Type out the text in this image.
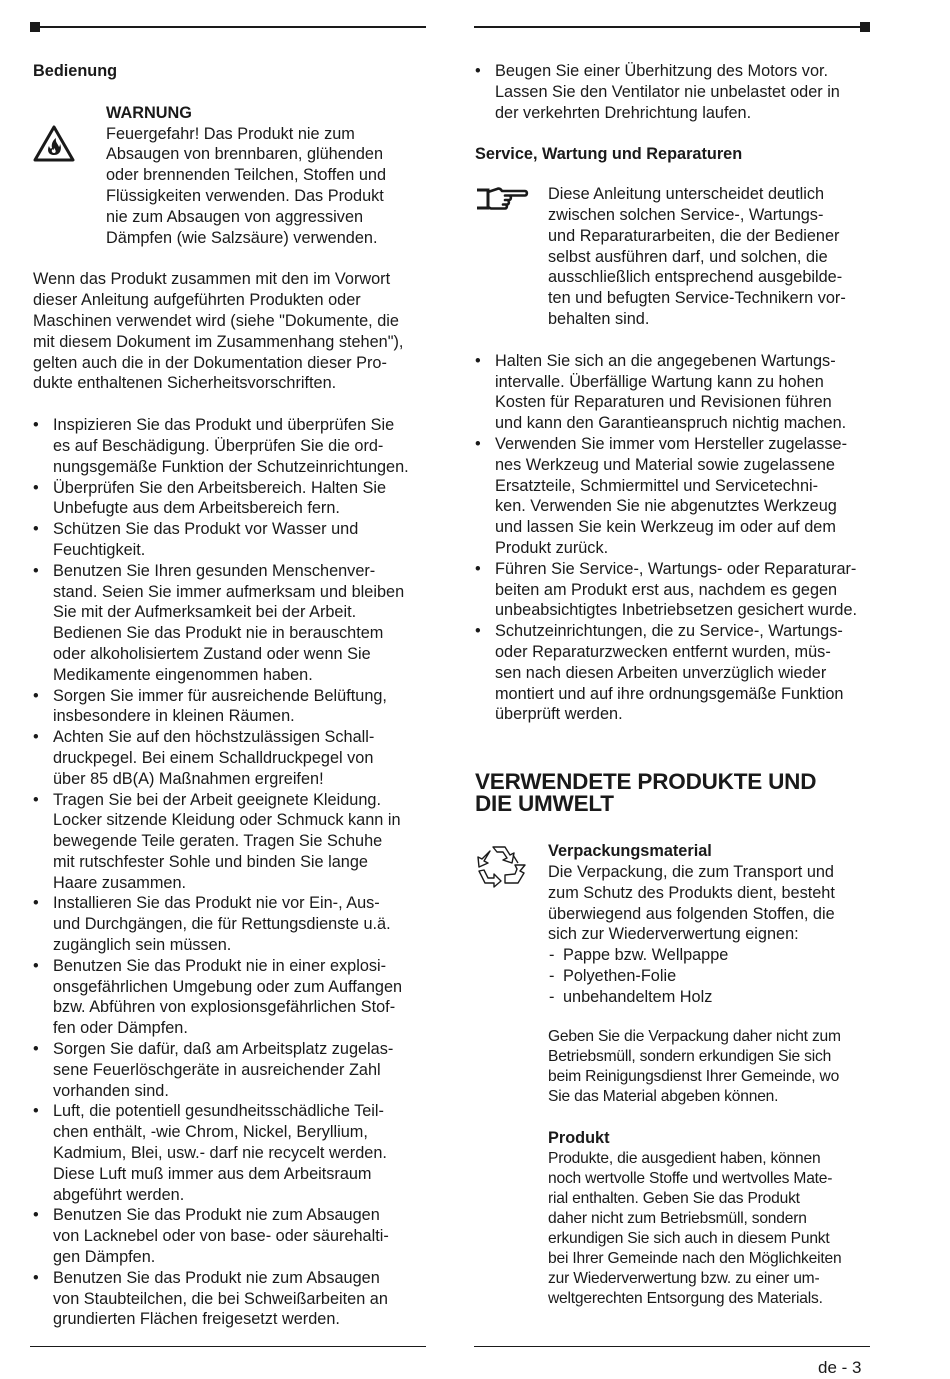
Bedienung
WARNUNG

Feuergefahr! Das Produkt nie zum
Absaugen von brennbaren, glühenden
oder brennenden Teilchen, Stoffen und
Flüssigkeiten verwenden. Das Produkt
nie zum Absaugen von aggressiven
Dämpfen (wie Salzsäure) verwenden.

Wenn das Produkt zusammen mit den im Vorwort
dieser Anleitung aufgeführten Produkten oder
Maschinen verwendet wird (siehe "Dokumente, die
mit diesem Dokument im Zusammenhang stehen"),
gelten auch die in der Dokumentation dieser Pro-
dukte enthaltenen Sicherheitsvorschriften.

• Inspizieren Sie das Produkt und überprüfen Sie
es auf Beschädigung. Überprüfen Sie die ord-
nungsgemäße Funktion der Schutzeinrichtungen.
• Überprüfen Sie den Arbeitsbereich. Halten Sie
Unbefugte aus dem Arbeitsbereich fern.
• Schützen Sie das Produkt vor Wasser und
Feuchtigkeit.
• Benutzen Sie Ihren gesunden Menschenver-
stand. Seien Sie immer aufmerksam und bleiben
Sie mit der Aufmerksamkeit bei der Arbeit.
Bedienen Sie das Produkt nie in berauschtem
oder alkoholisiertem Zustand oder wenn Sie
Medikamente eingenommen haben.
• Sorgen Sie immer für ausreichende Belüftung,
insbesondere in kleinen Räumen.
• Achten Sie auf den höchstzulässigen Schall-
druckpegel. Bei einem Schalldruckpegel von
über 85 dB(A) Maßnahmen ergreifen!
• Tragen Sie bei der Arbeit geeignete Kleidung.
Locker sitzende Kleidung oder Schmuck kann in
bewegende Teile geraten. Tragen Sie Schuhe
mit rutschfester Sohle und binden Sie lange
Haare zusammen.
• Installieren Sie das Produkt nie vor Ein-, Aus-
und Durchgängen, die für Rettungsdienste u.ä.
zugänglich sein müssen.
• Benutzen Sie das Produkt nie in einer explosi-
onsgefährlichen Umgebung oder zum Auffangen
bzw. Abführen von explosionsgefährlichen Stof-
fen oder Dämpfen.
• Sorgen Sie dafür, daß am Arbeitsplatz zugelas-
sene Feuerlöschgeräte in ausreichender Zahl
vorhanden sind.
• Luft, die potentiell gesundheitsschädliche Teil-
chen enthält, -wie Chrom, Nickel, Beryllium,
Kadmium, Blei, usw.- darf nie recycelt werden.
Diese Luft muß immer aus dem Arbeitsraum
abgeführt werden.
• Benutzen Sie das Produkt nie zum Absaugen
von Lacknebel oder von base- oder säurehalti-
gen Dämpfen.
• Benutzen Sie das Produkt nie zum Absaugen
von Staubteilchen, die bei Schweißarbeiten an
grundierten Flächen freigesetzt werden.
• Beugen Sie einer Überhitzung des Motors vor.
Lassen Sie den Ventilator nie unbelastet oder in
der verkehrten Drehrichtung laufen.
Service, Wartung und Reparaturen

Diese Anleitung unterscheidet deutlich
zwischen solchen Service-, Wartungs-
und Reparaturarbeiten, die der Bediener
selbst ausführen darf, und solchen, die
ausschließlich entsprechend ausgebilde-
ten und befugten Service-Technikern vor-
behalten sind.

• Halten Sie sich an die angegebenen Wartungs-
intervalle. Überfällige Wartung kann zu hohen
Kosten für Reparaturen und Revisionen führen
und kann den Garantieanspruch nichtig machen.
• Verwenden Sie immer vom Hersteller zugelasse-
nes Werkzeug und Material sowie zugelassene
Ersatzteile, Schmiermittel und Servicetechni-
ken. Verwenden Sie nie abgenutztes Werkzeug
und lassen Sie kein Werkzeug im oder auf dem
Produkt zurück.
• Führen Sie Service-, Wartungs- oder Reparaturar-
beiten am Produkt erst aus, nachdem es gegen
unbeabsichtigtes Inbetriebsetzen gesichert wurde.
• Schutzeinrichtungen, die zu Service-, Wartungs-
oder Reparaturzwecken entfernt wurden, müs-
sen nach diesen Arbeiten unverzüglich wieder
montiert und auf ihre ordnungsgemäße Funktion
überprüft werden.
VERWENDETE PRODUKTE UND
DIE UMWELT
Verpackungsmaterial

Die Verpackung, die zum Transport und
zum Schutz des Produkts dient, besteht
überwiegend aus folgenden Stoffen, die
sich zur Wiederverwertung eignen:

- Pappe bzw. Wellpappe
- Polyethen-Folie
- unbehandeltem Holz

Geben Sie die Verpackung daher nicht zum
Betriebsmüll, sondern erkundigen Sie sich
beim Reinigungsdienst Ihrer Gemeinde, wo
Sie das Material abgeben können.

Produkt

Produkte, die ausgedient haben, können
noch wertvolle Stoffe und wertvolles Mate-
rial enthalten. Geben Sie das Produkt
daher nicht zum Betriebsmüll, sondern
erkundigen Sie sich auch in diesem Punkt
bei Ihrer Gemeinde nach den Möglichkeiten
zur Wiederverwertung bzw. zu einer um-
weltgerechten Entsorgung des Materials.

de - 3
